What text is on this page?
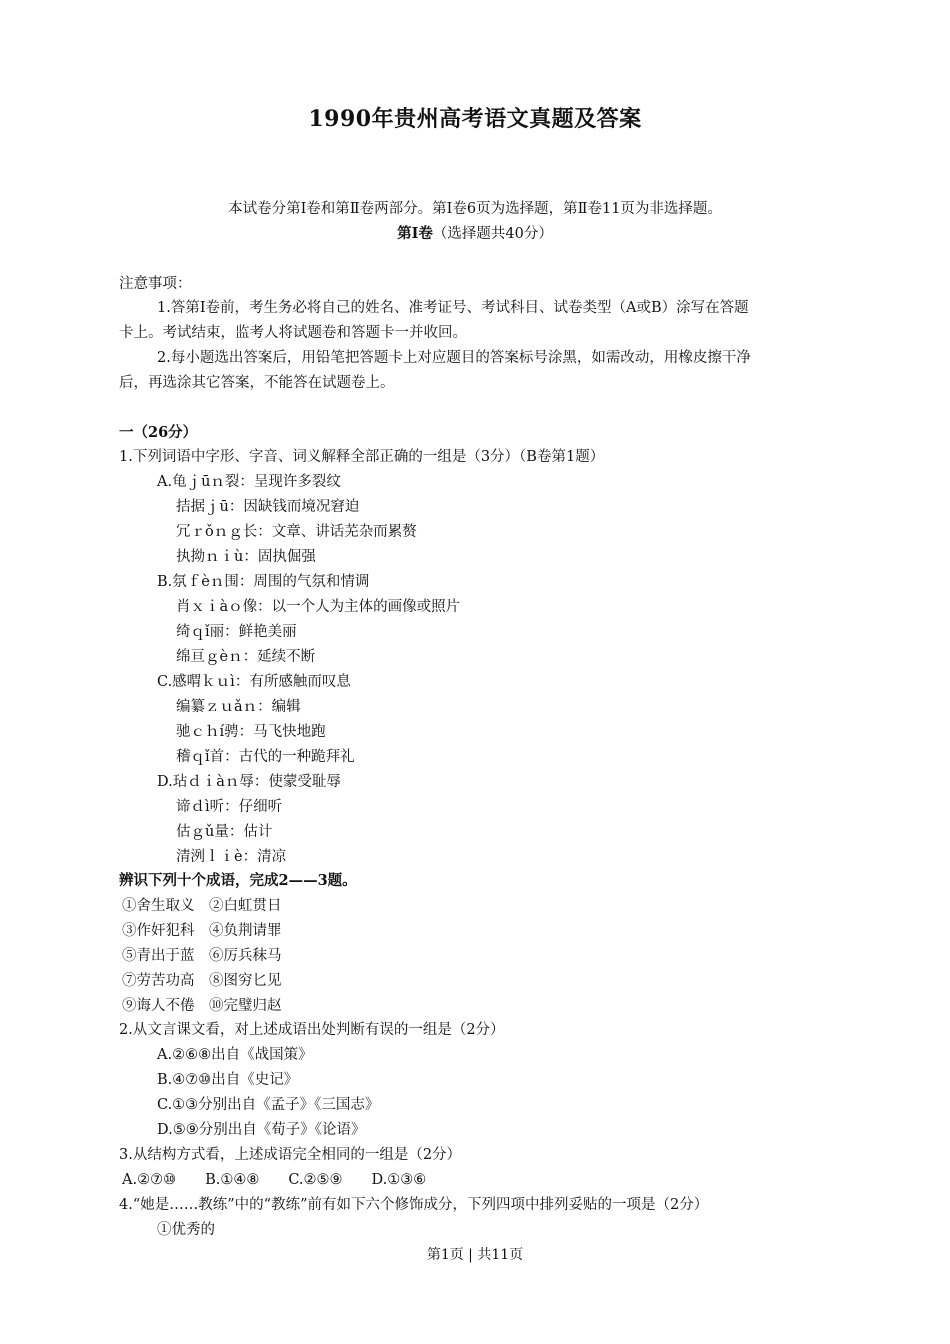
1990年贵州高考语文真题及答案
本试卷分第Ⅰ卷和第Ⅱ卷两部分。第Ⅰ卷6页为选择题，第Ⅱ卷11页为非选择题。
第Ⅰ卷（选择题共40分）
注意事项：
1.答第Ⅰ卷前，考生务必将自己的姓名、准考证号、考试科目、试卷类型（A或B）涂写在答题
卡上。考试结束，监考人将试题卷和答题卡一并收回。
2.每小题选出答案后，用铅笔把答题卡上对应题目的答案标号涂黑，如需改动，用橡皮擦干净
后，再选涂其它答案，不能答在试题卷上。
一（26分）
1.下列词语中字形、字音、词义解释全部正确的一组是（3分）（B卷第1题）
A.龟ｊūｎ裂：呈现许多裂纹
拮据ｊū：因缺钱而境况窘迫
冗ｒǒｎｇ长：文章、讲话芜杂而累赘
执拗ｎｉù：固执倔强
B.氛ｆèｎ围：周围的气氛和情调
肖ｘｉàｏ像：以一个人为主体的画像或照片
绮ｑǐ丽：鲜艳美丽
绵亘ｇèｎ：延续不断
C.感喟ｋｕì：有所感触而叹息
编纂ｚｕǎｎ：编辑
驰ｃｈí骋：马飞快地跑
稽ｑǐ首：古代的一种跪拜礼
D.玷ｄｉàｎ辱：使蒙受耻辱
谛ｄì听：仔细听
估ｇǔ量：估计
清洌ｌｉè：清凉
辨识下列十个成语，完成2——3题。
①舍生取义　②白虹贯日
③作奸犯科　④负荆请罪
⑤青出于蓝　⑥厉兵秣马
⑦劳苦功高　⑧图穷匕见
⑨诲人不倦　⑩完璧归赵
2.从文言课文看，对上述成语出处判断有误的一组是（2分）
A.②⑥⑧出自《战国策》
B.④⑦⑩出自《史记》
C.①③分别出自《孟子》《三国志》
D.⑤⑨分别出自《荀子》《论语》
3.从结构方式看，上述成语完全相同的一组是（2分）
A.②⑦⑩　　B.①④⑧　　C.②⑤⑨　　D.①③⑥
4.“她是……教练”中的“教练”前有如下六个修饰成分，下列四项中排列妥贴的一项是（2分）
①优秀的
第1页 | 共11页
